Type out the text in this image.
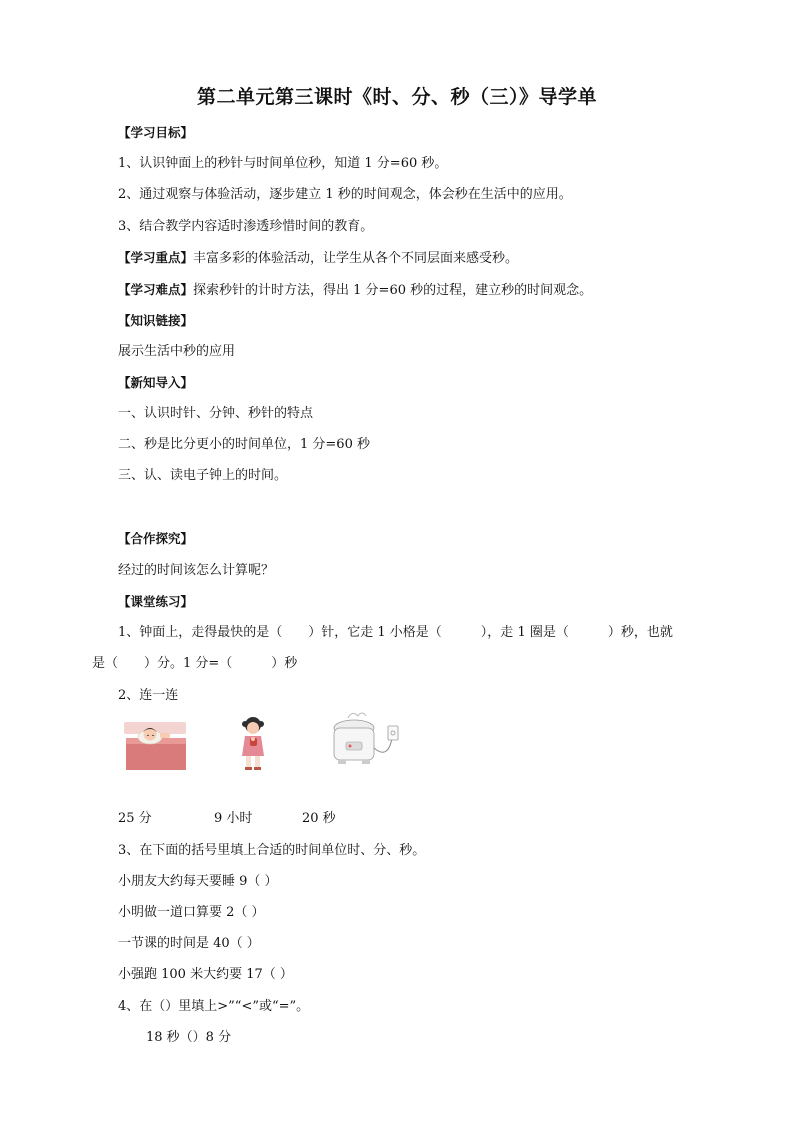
第二单元第三课时《时、分、秒（三）》导学单
【学习目标】
1、认识钟面上的秒针与时间单位秒，知道 1 分=60 秒。
2、通过观察与体验活动，逐步建立 1 秒的时间观念，体会秒在生活中的应用。
3、结合教学内容适时渗透珍惜时间的教育。
【学习重点】丰富多彩的体验活动，让学生从各个不同层面来感受秒。
【学习难点】探索秒针的计时方法，得出 1 分=60 秒的过程，建立秒的时间观念。
【知识链接】
展示生活中秒的应用
【新知导入】
一、认识时针、分钟、秒针的特点
二、秒是比分更小的时间单位，1 分=60 秒
三、认、读电子钟上的时间。
【合作探究】
经过的时间该怎么计算呢？
【课堂练习】
1、钟面上，走得最快的是（　　）针，它走 1 小格是（　　　），走 1 圈是（　　　）秒，也就
是（　　）分。1 分=（　　　）秒
2、连一连
25 分	9 小时	20 秒
3、在下面的括号里填上合适的时间单位时、分、秒。
小朋友大约每天要睡 9（ ）
小明做一道口算要 2（ ）
一节课的时间是 40（ ）
小强跑 100 米大约要 17（ ）
4、在（）里填上>”“<”或“=”。
18 秒（）8 分
